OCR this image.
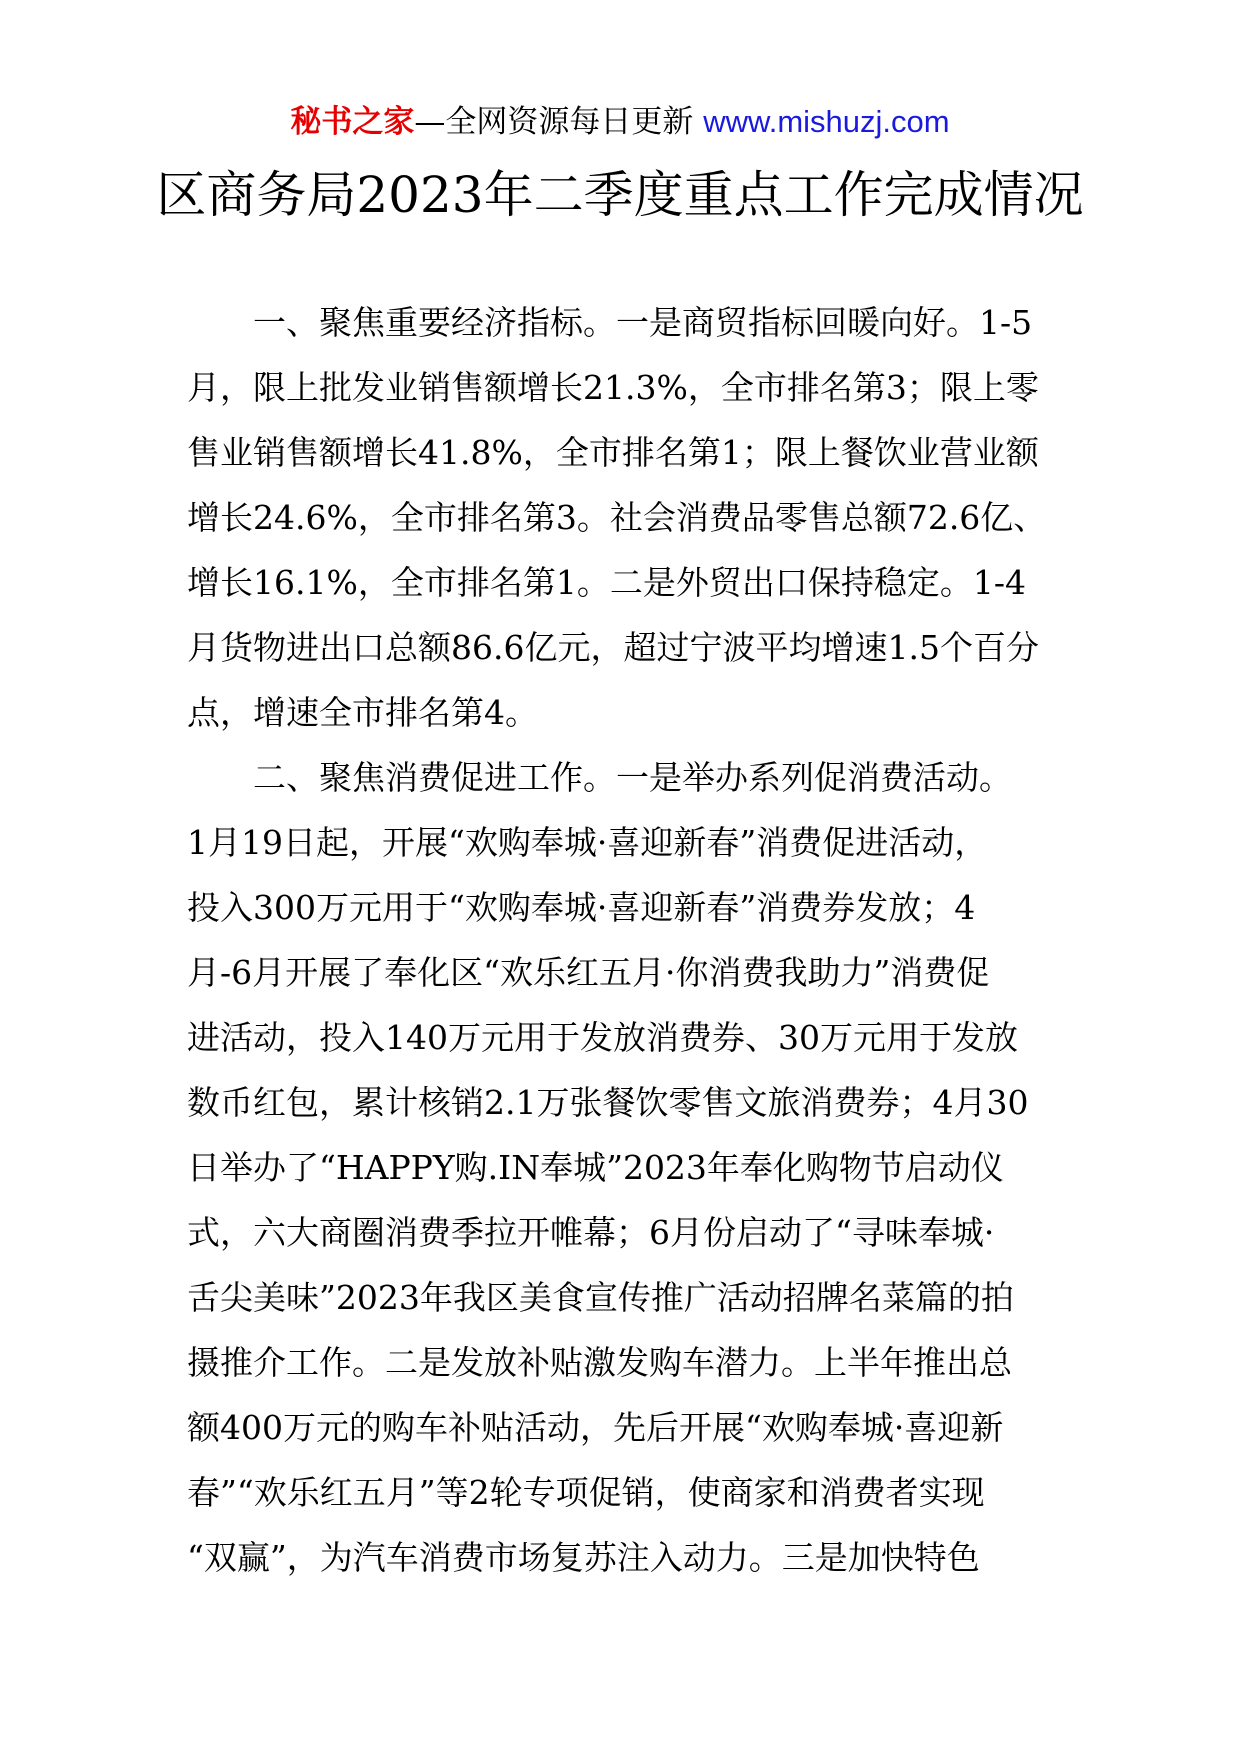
秘书之家—全网资源每日更新 www.mishuzj.com
区商务局2023年二季度重点工作完成情况
一、聚焦重要经济指标。一是商贸指标回暖向好。1-5
月，限上批发业销售额增长21.3%，全市排名第3；限上零
售业销售额增长41.8%，全市排名第1；限上餐饮业营业额
增长24.6%，全市排名第3。社会消费品零售总额72.6亿、
增长16.1%，全市排名第1。二是外贸出口保持稳定。1-4
月货物进出口总额86.6亿元，超过宁波平均增速1.5个百分
点，增速全市排名第4。
二、聚焦消费促进工作。一是举办系列促消费活动。
1月19日起，开展“欢购奉城·喜迎新春”消费促进活动，
投入300万元用于“欢购奉城·喜迎新春”消费券发放；4
月-6月开展了奉化区“欢乐红五月·你消费我助力”消费促
进活动，投入140万元用于发放消费券、30万元用于发放
数币红包，累计核销2.1万张餐饮零售文旅消费券；4月30
日举办了“HAPPY购.IN奉城”2023年奉化购物节启动仪
式，六大商圈消费季拉开帷幕；6月份启动了“寻味奉城·
舌尖美味”2023年我区美食宣传推广活动招牌名菜篇的拍
摄推介工作。二是发放补贴激发购车潜力。上半年推出总
额400万元的购车补贴活动，先后开展“欢购奉城·喜迎新
春”“欢乐红五月”等2轮专项促销，使商家和消费者实现
“双赢”，为汽车消费市场复苏注入动力。三是加快特色
